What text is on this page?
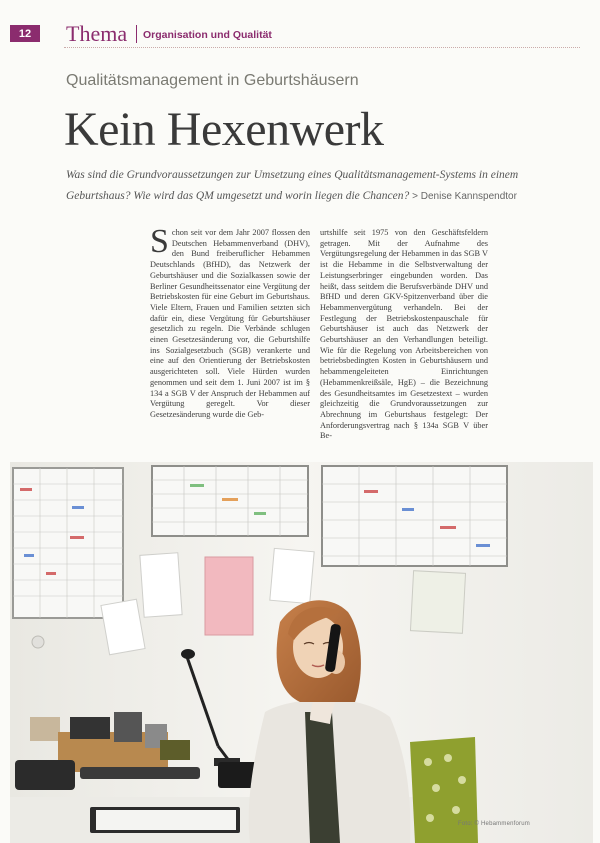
12	Thema Organisation und Qualität
Qualitätsmanagement in Geburtshäusern
Kein Hexenwerk
Was sind die Grundvoraussetzungen zur Umsetzung eines Qualitätsmanagement-Systems in einem Geburtshaus? Wie wird das QM umgesetzt und worin liegen die Chancen? > Denise Kannspendtor
Schon seit vor dem Jahr 2007 flossen den Deutschen Hebammenverband (DHV), den Bund freiberuflicher Hebammen Deutschlands (BfHD), das Netzwerk der Geburtshäuser und die Sozialkassen sowie der Berliner Gesundheitssenator eine Vergütung der Betriebskosten für eine Geburt im Geburtshaus. Viele Eltern, Frauen und Familien setzten sich dafür ein, diese Vergütung für Geburtshäuser gesetzlich zu regeln. Die Verbände schlugen einen Gesetzesänderung vor, die Geburtshilfe ins Sozialgesetzbuch (SGB) verankerte und eine auf den Orientierung der Betriebskosten ausgerichteten soll. Viele Hürden wurden genommen und seit dem 1. Juni 2007 ist im § 134 a SGB V der Anspruch der Hebammen auf Vergütung geregelt. Vor dieser Gesetzesänderung wurde die Geb-
urtshilfe seit 1975 von den Geschäftsfeldern getragen. Mit der Aufnahme des Vergütungsregelung der Hebammen in das SGB V ist die Hebamme in die Selbstverwaltung der Leistungserbringer eingebunden worden. Das heißt, dass seitdem die Berufsverbände DHV und BfHD und deren GKV-Spitzenverband über die Hebammenvergütung verhandeln. Bei der Festlegung der Betriebskostenpauschale für Geburtshäuser ist auch das Netzwerk der Geburtshäuser an den Verhandlungen beteiligt. Wie für die Regelung von Arbeitsbereichen von betriebsbedingten Kosten in Geburtshäusern und hebammengeleiteten Einrichtungen (Hebammenkreißsäle, HgE) – die Bezeichnung des Gesundheitsamtes im Gesetzestext – wurden gleichzeitig die Grundvoraussetzungen zur Abrechnung im Geburtshaus festgelegt: Der Anforderungsvertrag nach § 134a SGB V über Be-
Foto: © Hebammenforum
